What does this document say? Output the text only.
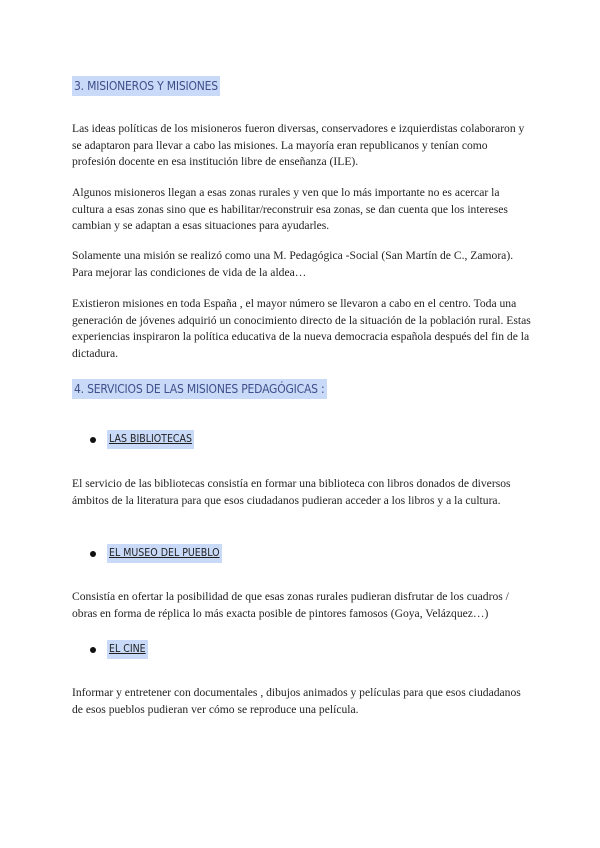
3. MISIONEROS Y MISIONES

Las ideas políticas de los misioneros fueron diversas, conservadores e izquierdistas colaboraron y se adaptaron para llevar a cabo las misiones. La mayoría eran republicanos y tenían como profesión docente en esa institución libre de enseñanza (ILE).

Algunos misioneros llegan a esas zonas rurales y ven que lo más importante no es acercar la cultura a esas zonas sino que es habilitar/reconstruir esa zonas, se dan cuenta que los intereses cambian y se adaptan a esas situaciones para ayudarles.

Solamente una misión se realizó como una M. Pedagógica -Social (San Martín de C., Zamora). Para mejorar las condiciones de vida de la aldea…

Existieron misiones en toda España , el mayor número se llevaron a cabo en el centro. Toda una generación de jóvenes adquirió un conocimiento directo de la situación de la población rural. Estas experiencias inspiraron la política educativa de la nueva democracia española después del fin de la dictadura.

4. SERVICIOS DE LAS MISIONES PEDAGÓGICAS :
LAS BIBLIOTECAS

El servicio de las bibliotecas consistía en formar una biblioteca con libros donados de diversos ámbitos de la literatura para que esos ciudadanos pudieran acceder a los libros y a la cultura.

EL MUSEO DEL PUEBLO

Consistía en ofertar la posibilidad de que esas zonas rurales pudieran disfrutar de los cuadros / obras en forma de réplica lo más exacta posible de pintores famosos (Goya, Velázquez…)

EL CINE

Informar y entretener con documentales , dibujos animados y películas para que esos ciudadanos de esos pueblos pudieran ver cómo se reproduce una película.
